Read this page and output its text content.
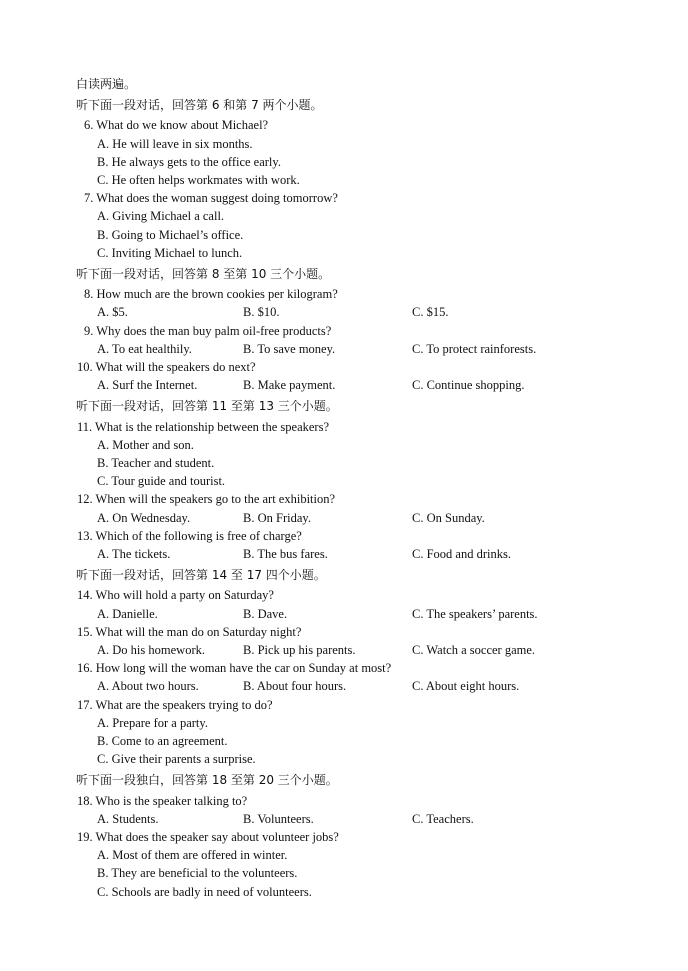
白读两遍。
听下面一段对话，回答第 6 和第 7 两个小题。
6. What do we know about Michael?
A. He will leave in six months.
B. He always gets to the office early.
C. He often helps workmates with work.
7. What does the woman suggest doing tomorrow?
A. Giving Michael a call.
B. Going to Michael’s office.
C. Inviting Michael to lunch.
听下面一段对话，回答第 8 至第 10 三个小题。
8. How much are the brown cookies per kilogram?
A. $5.	B. $10.	C. $15.
9. Why does the man buy palm oil-free products?
A. To eat healthily.	B. To save money.	C. To protect rainforests.
10. What will the speakers do next?
A. Surf the Internet.	B. Make payment.	C. Continue shopping.
听下面一段对话，回答第 11 至第 13 三个小题。
11. What is the relationship between the speakers?
A. Mother and son.
B. Teacher and student.
C. Tour guide and tourist.
12. When will the speakers go to the art exhibition?
A. On Wednesday.	B. On Friday.	C. On Sunday.
13. Which of the following is free of charge?
A. The tickets.	B. The bus fares.	C. Food and drinks.
听下面一段对话，回答第 14 至 17 四个小题。
14. Who will hold a party on Saturday?
A. Danielle.	B. Dave.	C. The speakers’ parents.
15. What will the man do on Saturday night?
A. Do his homework.	B. Pick up his parents.	C. Watch a soccer game.
16. How long will the woman have the car on Sunday at most?
A. About two hours.	B. About four hours.	C. About eight hours.
17. What are the speakers trying to do?
A. Prepare for a party.
B. Come to an agreement.
C. Give their parents a surprise.
听下面一段独白，回答第 18 至第 20 三个小题。
18. Who is the speaker talking to?
A. Students.	B. Volunteers.	C. Teachers.
19. What does the speaker say about volunteer jobs?
A. Most of them are offered in winter.
B. They are beneficial to the volunteers.
C. Schools are badly in need of volunteers.
